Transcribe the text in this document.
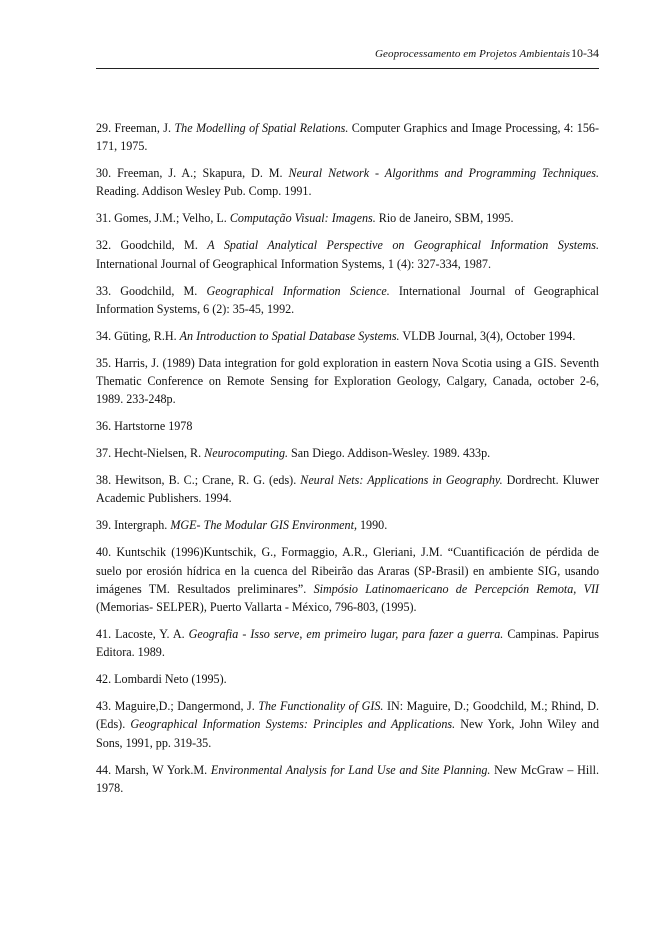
Geoprocessamento em Projetos Ambientais10-34

29. Freeman, J. The Modelling of Spatial Relations. Computer Graphics and Image Processing, 4: 156-171, 1975.

30. Freeman, J. A.; Skapura, D. M. Neural Network - Algorithms and Programming Techniques. Reading. Addison Wesley Pub. Comp. 1991.

31. Gomes, J.M.; Velho, L. Computação Visual: Imagens. Rio de Janeiro, SBM, 1995.

32. Goodchild, M. A Spatial Analytical Perspective on Geographical Information Systems. International Journal of Geographical Information Systems, 1 (4): 327-334, 1987.

33. Goodchild, M. Geographical Information Science. International Journal of Geographical Information Systems, 6 (2): 35-45, 1992.

34. Güting, R.H. An Introduction to Spatial Database Systems. VLDB Journal, 3(4), October 1994.

35. Harris, J. (1989) Data integration for gold exploration in eastern Nova Scotia using a GIS. Seventh Thematic Conference on Remote Sensing for Exploration Geology, Calgary, Canada, october 2-6, 1989. 233-248p.

36. Hartstorne 1978

37. Hecht-Nielsen, R. Neurocomputing. San Diego. Addison-Wesley. 1989. 433p.

38. Hewitson, B. C.; Crane, R. G. (eds). Neural Nets: Applications in Geography. Dordrecht. Kluwer Academic Publishers. 1994.

39. Intergraph. MGE- The Modular GIS Environment, 1990.

40. Kuntschik (1996)Kuntschik, G., Formaggio, A.R., Gleriani, J.M. “Cuantificación de pérdida de suelo por erosión hídrica en la cuenca del Ribeirão das Araras (SP-Brasil) en ambiente SIG, usando imágenes TM. Resultados preliminares”. Simpósio Latinomaericano de Percepción Remota, VII (Memorias- SELPER), Puerto Vallarta - México, 796-803, (1995).

41. Lacoste, Y. A. Geografia - Isso serve, em primeiro lugar, para fazer a guerra. Campinas. Papirus Editora. 1989.

42. Lombardi Neto (1995).

43. Maguire,D.; Dangermond, J. The Functionality of GIS. IN: Maguire, D.; Goodchild, M.; Rhind, D. (Eds). Geographical Information Systems: Principles and Applications. New York, John Wiley and Sons, 1991, pp. 319-35.

44. Marsh, W York.M. Environmental Analysis for Land Use and Site Planning. New McGraw – Hill. 1978.
